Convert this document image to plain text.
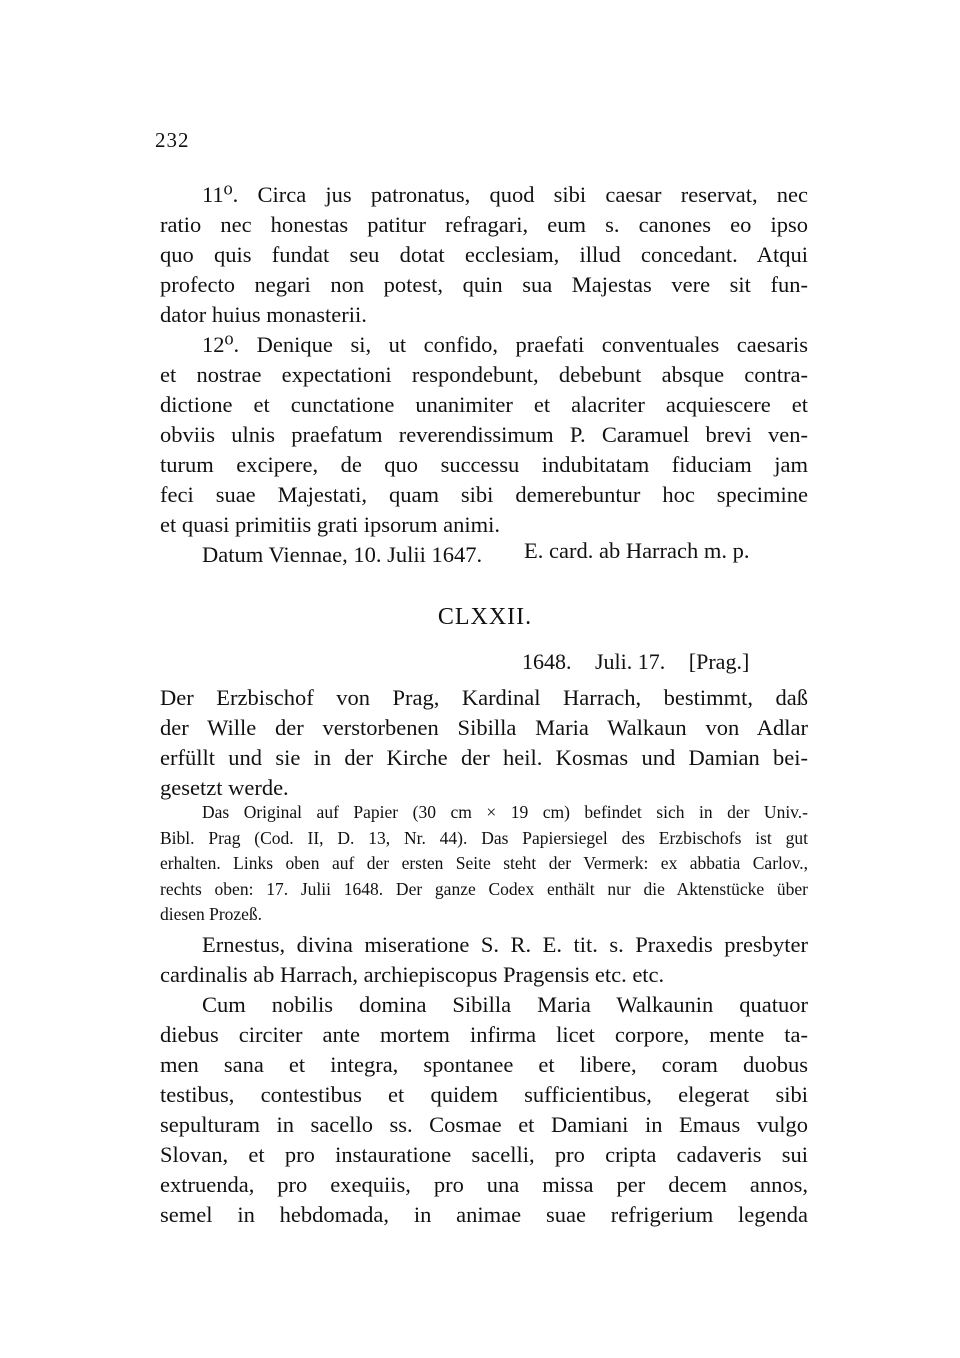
232
11⁰. Circa jus patronatus, quod sibi caesar reservat, nec
ratio nec honestas patitur refragari, eum s. canones eo ipso
quo quis fundat seu dotat ecclesiam, illud concedant. Atqui
profecto negari non potest, quin sua Majestas vere sit fun-
dator huius monasterii.
12⁰. Denique si, ut confido, praefati conventuales caesaris
et nostrae expectationi respondebunt, debebunt absque contra-
dictione et cunctatione unanimiter et alacriter acquiescere et
obviis ulnis praefatum reverendissimum P. Caramuel brevi ven-
turum excipere, de quo successu indubitatam fiduciam jam
feci suae Majestati, quam sibi demerebuntur hoc specimine
et quasi primitiis grati ipsorum animi.
Datum Viennae, 10. Julii 1647.	E. card. ab Harrach m. p.
CLXXII.
1648. Juli. 17. [Prag.]
Der Erzbischof von Prag, Kardinal Harrach, bestimmt, daß
der Wille der verstorbenen Sibilla Maria Walkaun von Adlar
erfüllt und sie in der Kirche der heil. Kosmas und Damian bei-
gesetzt werde.
Das Original auf Papier (30 cm × 19 cm) befindet sich in der Univ.-
Bibl. Prag (Cod. II, D. 13, Nr. 44). Das Papiersiegel des Erzbischofs ist gut
erhalten. Links oben auf der ersten Seite steht der Vermerk: ex abbatia Carlov.,
rechts oben: 17. Julii 1648. Der ganze Codex enthält nur die Aktenstücke über
diesen Prozeß.
Ernestus, divina miseratione S. R. E. tit. s. Praxedis presbyter
cardinalis ab Harrach, archiepiscopus Pragensis etc. etc.
Cum nobilis domina Sibilla Maria Walkaunin quatuor
diebus circiter ante mortem infirma licet corpore, mente ta-
men sana et integra, spontanee et libere, coram duobus
testibus, contestibus et quidem sufficientibus, elegerat sibi
sepulturam in sacello ss. Cosmae et Damiani in Emaus vulgo
Slovan, et pro instauratione sacelli, pro cripta cadaveris sui
extruenda, pro exequiis, pro una missa per decem annos,
semel in hebdomada, in animae suae refrigerium legenda
